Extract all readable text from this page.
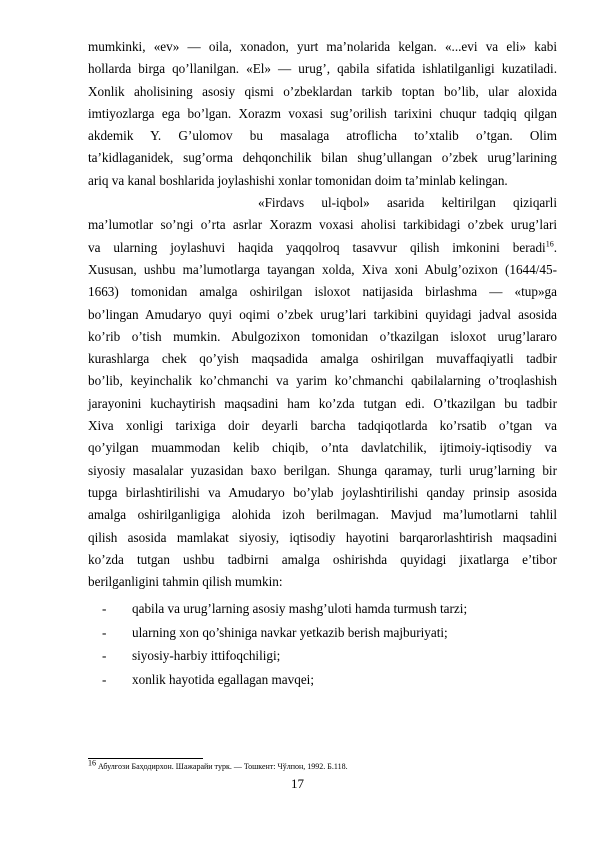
mumkinki, «ev» — oila, xonadon, yurt ma’nolarida kelgan. «...evi va eli» kabi
hollarda birga qo’llanilgan. «El» — urug’, qabila sifatida ishlatilganligi kuzatiladi.
Xonlik aholisining asosiy qismi o’zbeklardan tarkib toptan bo’lib, ular aloxida
imtiyozlarga ega bo’lgan. Xorazm voxasi sug’orilish tarixini chuqur tadqiq qilgan
akdemik Y. G’ulomov bu masalaga atroflicha to’xtalib o’tgan. Olim
ta’kidlaganidek, sug’orma dehqonchilik bilan shug’ullangan o’zbek urug’larining
ariq va kanal boshlarida joylashishi xonlar tomonidan doim ta’minlab kelingan.
«Firdavs ul-iqbol» asarida keltirilgan qiziqarli
ma’lumotlar so’ngi o’rta asrlar Xorazm voxasi aholisi tarkibidagi o’zbek urug’lari
va ularning joylashuvi haqida yaqqolroq tasavvur qilish imkonini beradi$^{16}$.
Xususan, ushbu ma’lumotlarga tayangan xolda, Xiva xoni Abulg’ozixon (1644/45-
1663) tomonidan amalga oshirilgan isloxot natijasida birlashma — «tup»ga
bo’lingan Amudaryo quyi oqimi o’zbek urug’lari tarkibini quyidagi jadval asosida
ko’rib o’tish mumkin. Abulgozixon tomonidan o’tkazilgan isloxot urug’lararo
kurashlarga chek qo’yish maqsadida amalga oshirilgan muvaffaqiyatli tadbir
bo’lib, keyinchalik ko’chmanchi va yarim ko’chmanchi qabilalarning o’troqlashish
jarayonini kuchaytirish maqsadini ham ko’zda tutgan edi. O’tkazilgan bu tadbir
Xiva xonligi tarixiga doir deyarli barcha tadqiqotlarda ko’rsatib o’tgan va
qo’yilgan muammodan kelib chiqib, o’nta davlatchilik, ijtimoiy-iqtisodiy va
siyosiy masalalar yuzasidan baxo berilgan. Shunga qaramay, turli urug’larning bir
tupga birlashtirilishi va Amudaryo bo’ylab joylashtirilishi qanday prinsip asosida
amalga oshirilganligiga alohida izoh berilmagan. Mavjud ma’lumotlarni tahlil
qilish asosida mamlakat siyosiy, iqtisodiy hayotini barqarorlashtirish maqsadini
ko’zda tutgan ushbu tadbirni amalga oshirishda quyidagi jixatlarga e’tibor
berilganligini tahmin qilish mumkin:
-	qabila va urug’larning asosiy mashg’uloti hamda turmush tarzi;
-	ularning xon qo’shiniga navkar yetkazib berish majburiyati;
-	siyosiy-harbiy ittifoqchiligi;
-	xonlik hayotida egallagan mavqei;
$^{16}$ Абулғози Баҳодирхон. Шажарайи турк. — Тошкент: Чўлпон, 1992. Б.118.
17
